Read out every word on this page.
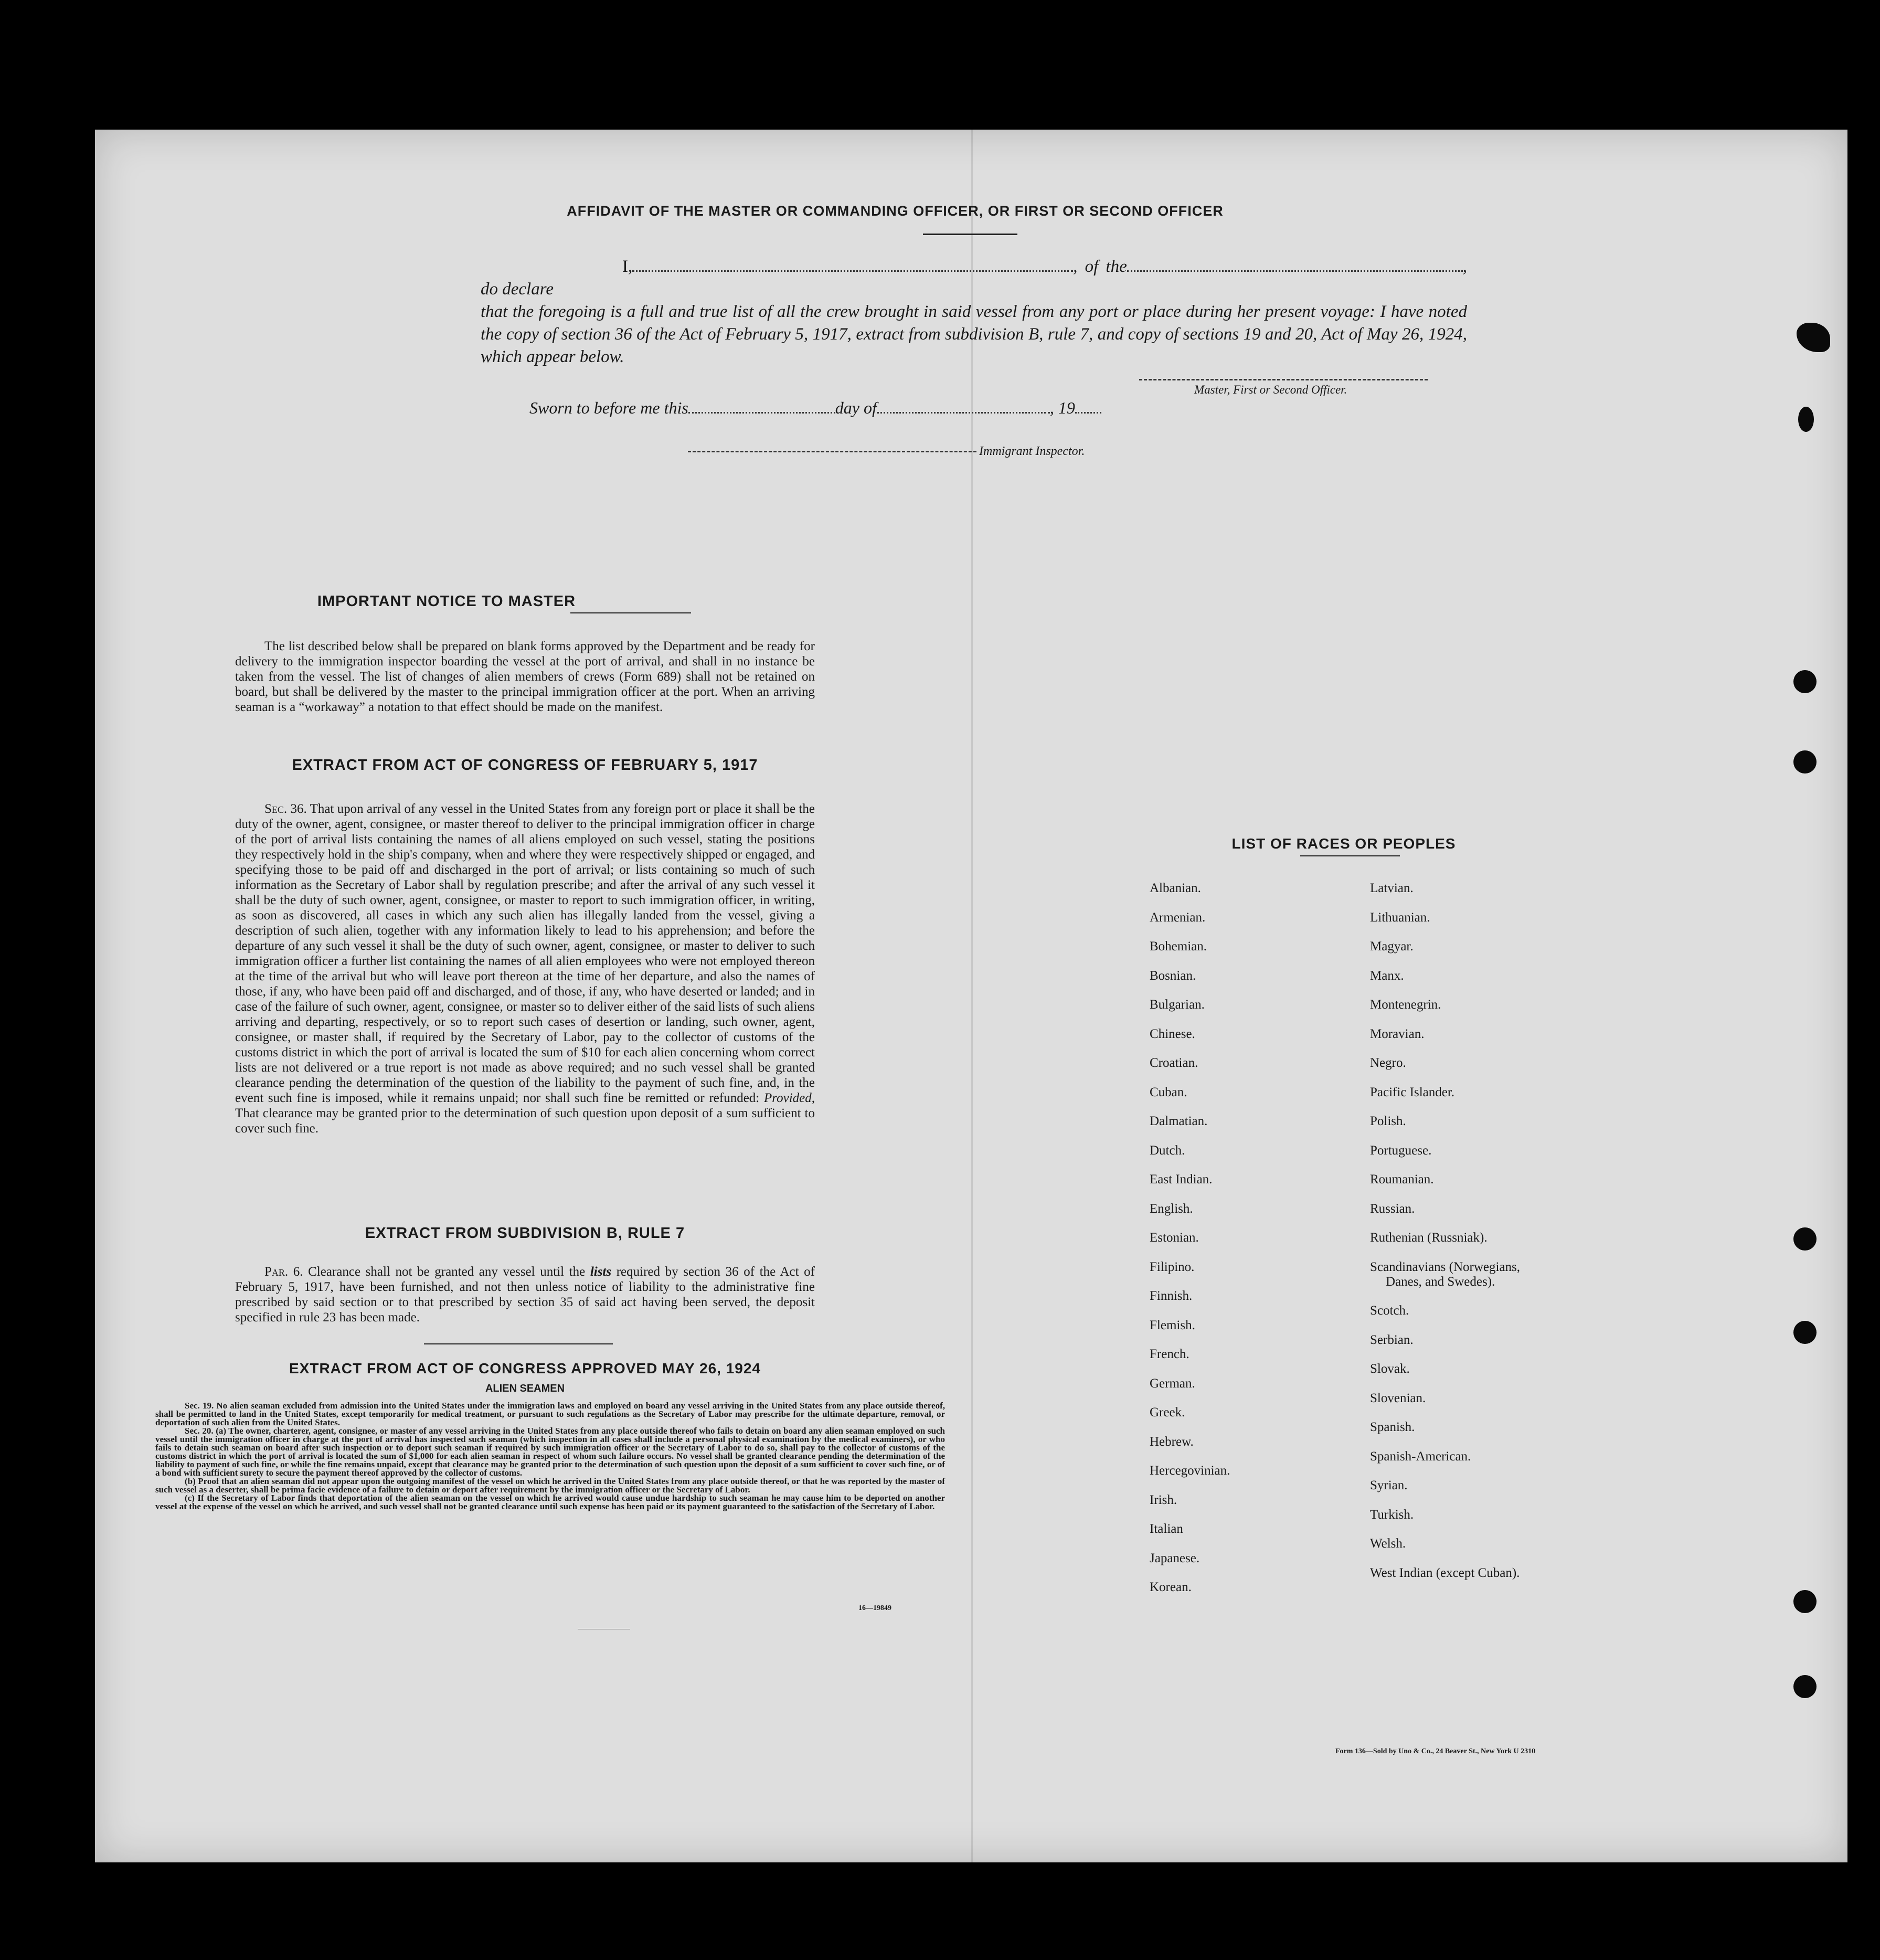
AFFIDAVIT OF THE MASTER OR COMMANDING OFFICER, OR FIRST OR SECOND OFFICER
I,	, of the	, do declare
that the foregoing is a full and true list of all the crew brought in said vessel from any port or place during her present voyage: I have noted the copy of section 36 of the Act of February 5, 1917, extract from subdivision B, rule 7, and copy of sections 19 and 20, Act of May 26, 1924, which appear below.
Master, First or Second Officer.
Sworn to before me this	day of	, 19
Immigrant Inspector.
IMPORTANT NOTICE TO MASTER
The list described below shall be prepared on blank forms approved by the Department and be ready for delivery to the immigration inspector boarding the vessel at the port of arrival, and shall in no instance be taken from the vessel. The list of changes of alien members of crews (Form 689) shall not be retained on board, but shall be delivered by the master to the principal immigration officer at the port. When an arriving seaman is a “workaway” a notation to that effect should be made on the manifest.
EXTRACT FROM ACT OF CONGRESS OF FEBRUARY 5, 1917
Sec. 36. That upon arrival of any vessel in the United States from any foreign port or place it shall be the duty of the owner, agent, consignee, or master thereof to deliver to the principal immigration officer in charge of the port of arrival lists containing the names of all aliens employed on such vessel, stating the positions they respectively hold in the ship's company, when and where they were respectively shipped or engaged, and specifying those to be paid off and discharged in the port of arrival; or lists containing so much of such information as the Secretary of Labor shall by regulation prescribe; and after the arrival of any such vessel it shall be the duty of such owner, agent, consignee, or master to report to such immigration officer, in writing, as soon as discovered, all cases in which any such alien has illegally landed from the vessel, giving a description of such alien, together with any information likely to lead to his apprehension; and before the departure of any such vessel it shall be the duty of such owner, agent, consignee, or master to deliver to such immigration officer a further list containing the names of all alien employees who were not employed thereon at the time of the arrival but who will leave port thereon at the time of her departure, and also the names of those, if any, who have been paid off and discharged, and of those, if any, who have deserted or landed; and in case of the failure of such owner, agent, consignee, or master so to deliver either of the said lists of such aliens arriving and departing, respectively, or so to report such cases of desertion or landing, such owner, agent, consignee, or master shall, if required by the Secretary of Labor, pay to the collector of customs of the customs district in which the port of arrival is located the sum of $10 for each alien concerning whom correct lists are not delivered or a true report is not made as above required; and no such vessel shall be granted clearance pending the determination of the question of the liability to the payment of such fine, and, in the event such fine is imposed, while it remains unpaid; nor shall such fine be remitted or refunded: Provided, That clearance may be granted prior to the determination of such question upon deposit of a sum sufficient to cover such fine.
EXTRACT FROM SUBDIVISION B, RULE 7
Par. 6. Clearance shall not be granted any vessel until the lists required by section 36 of the Act of February 5, 1917, have been furnished, and not then unless notice of liability to the administrative fine prescribed by said section or to that prescribed by section 35 of said act having been served, the deposit specified in rule 23 has been made.
EXTRACT FROM ACT OF CONGRESS APPROVED MAY 26, 1924
ALIEN SEAMEN

Sec. 19. No alien seaman excluded from admission into the United States under the immigration laws and employed on board any vessel arriving in the United States from any place outside thereof, shall be permitted to land in the United States, except temporarily for medical treatment, or pursuant to such regulations as the Secretary of Labor may prescribe for the ultimate departure, removal, or deportation of such alien from the United States.

Sec. 20. (a) The owner, charterer, agent, consignee, or master of any vessel arriving in the United States from any place outside thereof who fails to detain on board any alien seaman employed on such vessel until the immigration officer in charge at the port of arrival has inspected such seaman (which inspection in all cases shall include a personal physical examination by the medical examiners), or who fails to detain such seaman on board after such inspection or to deport such seaman if required by such immigration officer or the Secretary of Labor to do so, shall pay to the collector of customs of the customs district in which the port of arrival is located the sum of $1,000 for each alien seaman in respect of whom such failure occurs. No vessel shall be granted clearance pending the determination of the liability to payment of such fine, or while the fine remains unpaid, except that clearance may be granted prior to the determination of such question upon the deposit of a sum sufficient to cover such fine, or of a bond with sufficient surety to secure the payment thereof approved by the collector of customs.

(b) Proof that an alien seaman did not appear upon the outgoing manifest of the vessel on which he arrived in the United States from any place outside thereof, or that he was reported by the master of such vessel as a deserter, shall be prima facie evidence of a failure to detain or deport after requirement by the immigration officer or the Secretary of Labor.

(c) If the Secretary of Labor finds that deportation of the alien seaman on the vessel on which he arrived would cause undue hardship to such seaman he may cause him to be deported on another vessel at the expense of the vessel on which he arrived, and such vessel shall not be granted clearance until such expense has been paid or its payment guaranteed to the satisfaction of the Secretary of Labor.

16—19849
LIST OF RACES OR PEOPLES
Form 136—Sold by Uno & Co., 24 Beaver St., New York U 2310
Albanian.
Armenian.
Bohemian.
Bosnian.
Bulgarian.
Chinese.
Croatian.
Cuban.
Dalmatian.
Dutch.
East Indian.
English.
Estonian.
Filipino.
Finnish.
Flemish.
French.
German.
Greek.
Hebrew.
Hercegovinian.
Irish.
Italian
Japanese.
Korean.
Latvian.
Lithuanian.
Magyar.
Manx.
Montenegrin.
Moravian.
Negro.
Pacific Islander.
Polish.
Portuguese.
Roumanian.
Russian.
Ruthenian (Russniak).
Scandinavians (Norwegians,
Danes, and Swedes).
Scotch.
Serbian.
Slovak.
Slovenian.
Spanish.
Spanish-American.
Syrian.
Turkish.
Welsh.
West Indian (except Cuban).
